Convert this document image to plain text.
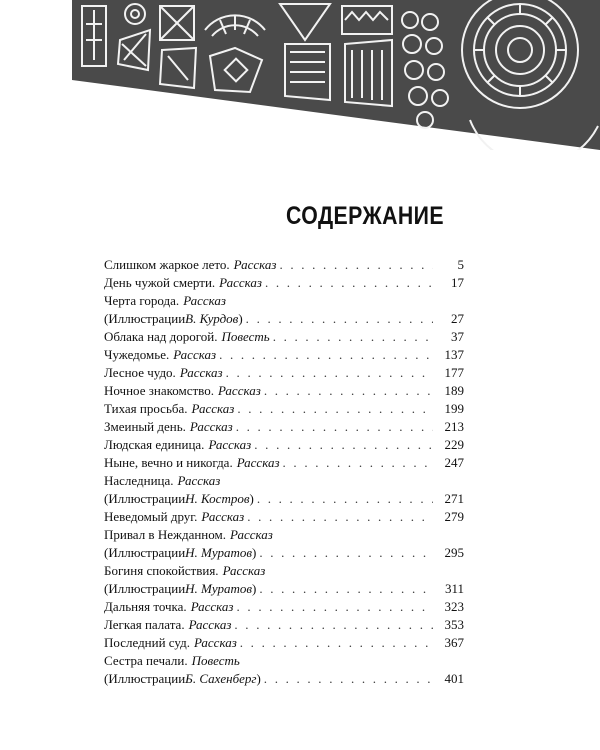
СОДЕРЖАНИЕ
Слишком жаркое лето. Рассказ . . .	5
День чужой смерти. Рассказ . . .	17
Черта города. Рассказ
(Иллюстрации В. Курдов ) . . .	27
Облака над дорогой. Повесть . . .	37
Чужедомье. Рассказ . . .	137
Лесное чудо. Рассказ . . .	177
Ночное знакомство. Рассказ . . .	189
Тихая просьба. Рассказ . . .	199
Змеиный день. Рассказ . . .	213
Людская единица. Рассказ . . .	229
Ныне, вечно и никогда. Рассказ . . .	247
Наследница. Рассказ
(Иллюстрации Н. Костров ) . . .	271
Неведомый друг. Рассказ . . .	279
Привал в Нежданном. Рассказ
(Иллюстрации Н. Муратов ) . . .	295
Богиня спокойствия. Рассказ
(Иллюстрации Н. Муратов ) . . .	311
Дальняя точка. Рассказ . . .	323
Легкая палата. Рассказ . . .	353
Последний суд. Рассказ . . .	367
Сестра печали. Повесть
(Иллюстрации Б. Сахенберг ) . . .	401
